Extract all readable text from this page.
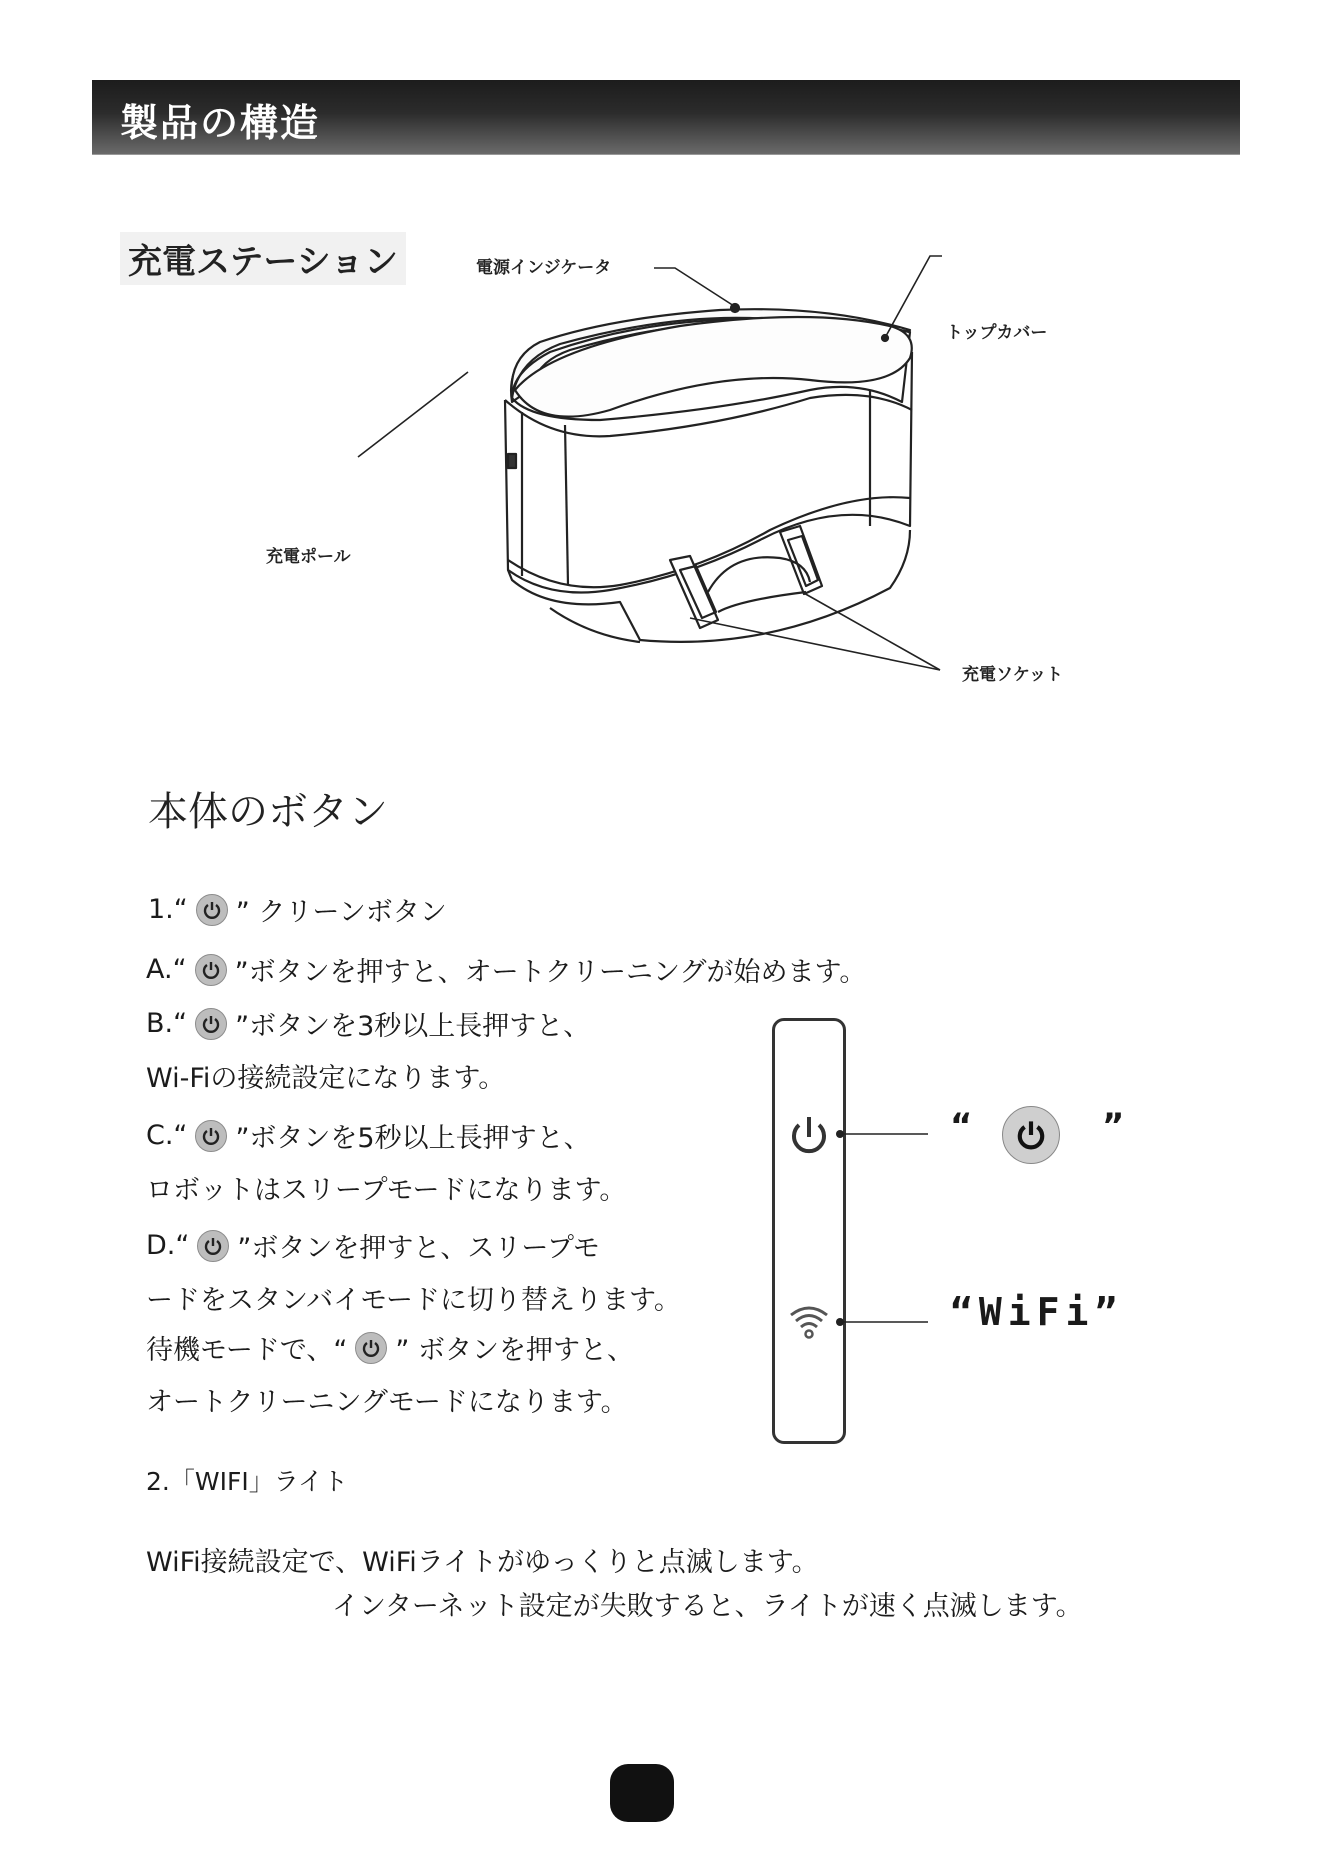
製品の構造
充電ステーション	電源インジケータ
トップカバー
充電ポール
充電ソケット
本体のボタン
1.“ ” クリーンボタン
A.“ ”ボタンを押すと、オートクリーニングが始めます。
B.“ ”ボタンを3秒以上長押すと、
Wi-Fiの接続設定になります。
C.“ ”ボタンを5秒以上長押すと、
ロボットはスリープモードになります。
D.“ ”ボタンを押すと、スリープモ
ードをスタンバイモードに切り替えります。
待機モードで、“ ” ボタンを押すと、
オートクリーニングモードになります。
“	”
“WiFi”
2.「WIFI」ライト
WiFi接続設定で、WiFiライトがゆっくりと点滅します。
インターネット設定が失敗すると、ライトが速く点滅します。
